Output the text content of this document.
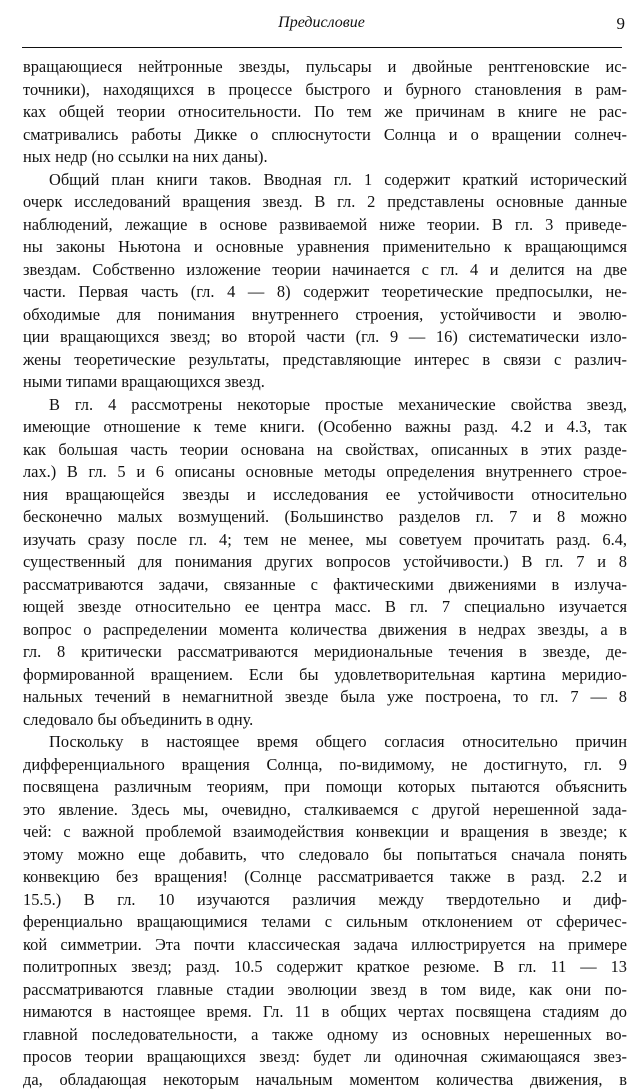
Предисловие	9

вращающиеся нейтронные звезды, пульсары и двойные рентгеновские ис-
точники), находящихся в процессе быстрого и бурного становления в рам-
ках общей теории относительности. По тем же причинам в книге не рас-
сматривались работы Дикке о сплюснутости Солнца и о вращении солнеч-
ных недр (но ссылки на них даны).

Общий план книги таков. Вводная гл. 1 содержит краткий исторический
очерк исследований вращения звезд. В гл. 2 представлены основные данные
наблюдений, лежащие в основе развиваемой ниже теории. В гл. 3 приведе-
ны законы Ньютона и основные уравнения применительно к вращающимся
звездам. Собственно изложение теории начинается с гл. 4 и делится на две
части. Первая часть (гл. 4 — 8) содержит теоретические предпосылки, не-
обходимые для понимания внутреннего строения, устойчивости и эволю-
ции вращающихся звезд; во второй части (гл. 9 — 16) систематически изло-
жены теоретические результаты, представляющие интерес в связи с различ-
ными типами вращающихся звезд.

В гл. 4 рассмотрены некоторые простые механические свойства звезд,
имеющие отношение к теме книги. (Особенно важны разд. 4.2 и 4.3, так
как большая часть теории основана на свойствах, описанных в этих разде-
лах.) В гл. 5 и 6 описаны основные методы определения внутреннего строе-
ния вращающейся звезды и исследования ее устойчивости относительно
бесконечно малых возмущений. (Большинство разделов гл. 7 и 8 можно
изучать сразу после гл. 4; тем не менее, мы советуем прочитать разд. 6.4,
существенный для понимания других вопросов устойчивости.) В гл. 7 и 8
рассматриваются задачи, связанные с фактическими движениями в излуча-
ющей звезде относительно ее центра масс. В гл. 7 специально изучается
вопрос о распределении момента количества движения в недрах звезды, а в
гл. 8 критически рассматриваются меридиональные течения в звезде, де-
формированной вращением. Если бы удовлетворительная картина меридио-
нальных течений в немагнитной звезде была уже построена, то гл. 7 — 8
следовало бы объединить в одну.

Поскольку в настоящее время общего согласия относительно причин
дифференциального вращения Солнца, по-видимому, не достигнуто, гл. 9
посвящена различным теориям, при помощи которых пытаются объяснить
это явление. Здесь мы, очевидно, сталкиваемся с другой нерешенной зада-
чей: с важной проблемой взаимодействия конвекции и вращения в звезде; к
этому можно еще добавить, что следовало бы попытаться сначала понять
конвекцию без вращения! (Солнце рассматривается также в разд. 2.2 и
15.5.) В гл. 10 изучаются различия между твердотельно и диф-
ференциально вращающимися телами с сильным отклонением от сферичес-
кой симметрии. Эта почти классическая задача иллюстрируется на примере
политропных звезд; разд. 10.5 содержит краткое резюме. В гл. 11 — 13
рассматриваются главные стадии эволюции звезд в том виде, как они по-
нимаются в настоящее время. Гл. 11 в общих чертах посвящена стадиям до
главной последовательности, а также одному из основных нерешенных во-
просов теории вращающихся звезд: будет ли одиночная сжимающаяся звез-
да, обладающая некоторым начальным моментом количества движения, в
